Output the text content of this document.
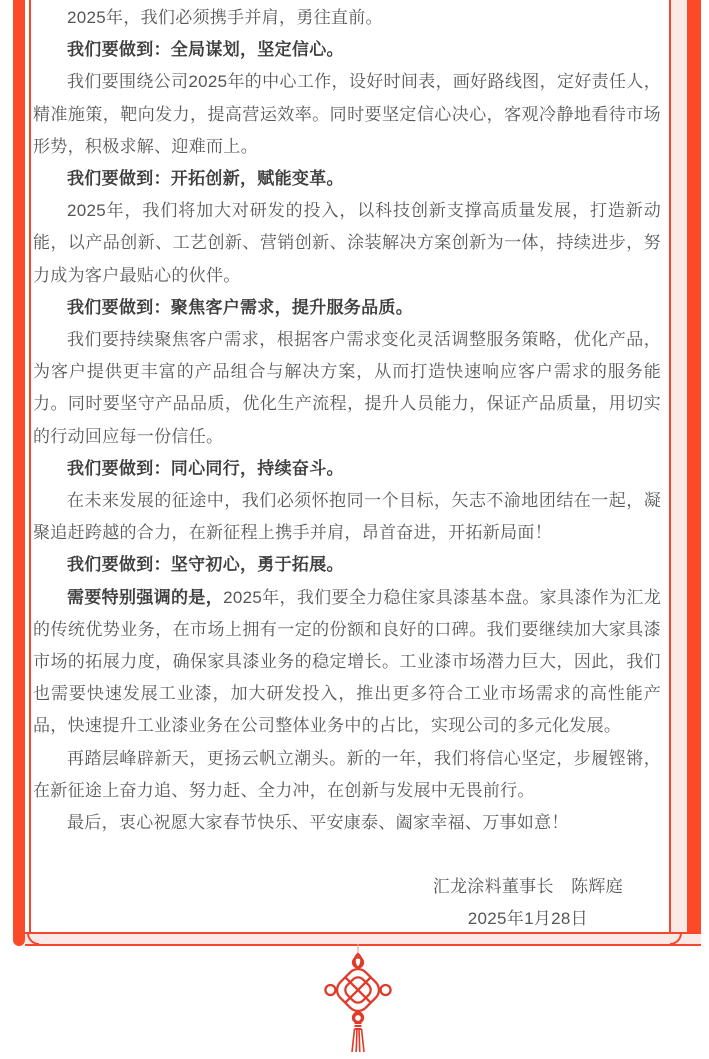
2025年，我们必须携手并肩，勇往直前。

我们要做到：全局谋划，坚定信心。

我们要围绕公司2025年的中心工作，设好时间表，画好路线图，定好责任人，精准施策，靶向发力，提高营运效率。同时要坚定信心决心，客观冷静地看待市场形势，积极求解、迎难而上。

我们要做到：开拓创新，赋能变革。

2025年，我们将加大对研发的投入，以科技创新支撑高质量发展，打造新动能，以产品创新、工艺创新、营销创新、涂装解决方案创新为一体，持续进步，努力成为客户最贴心的伙伴。

我们要做到：聚焦客户需求，提升服务品质。

我们要持续聚焦客户需求，根据客户需求变化灵活调整服务策略，优化产品，为客户提供更丰富的产品组合与解决方案，从而打造快速响应客户需求的服务能力。同时要坚守产品品质，优化生产流程，提升人员能力，保证产品质量，用切实的行动回应每一份信任。

我们要做到：同心同行，持续奋斗。

在未来发展的征途中，我们必须怀抱同一个目标，矢志不渝地团结在一起，凝聚追赶跨越的合力，在新征程上携手并肩，昂首奋进，开拓新局面！

我们要做到：坚守初心，勇于拓展。

需要特别强调的是，2025年，我们要全力稳住家具漆基本盘。家具漆作为汇龙的传统优势业务，在市场上拥有一定的份额和良好的口碑。我们要继续加大家具漆市场的拓展力度，确保家具漆业务的稳定增长。工业漆市场潜力巨大，因此，我们也需要快速发展工业漆，加大研发投入，推出更多符合工业市场需求的高性能产品，快速提升工业漆业务在公司整体业务中的占比，实现公司的多元化发展。

再踏层峰辟新天，更扬云帆立潮头。新的一年，我们将信心坚定，步履铿锵，在新征途上奋力追、努力赶、全力冲，在创新与发展中无畏前行。

最后，衷心祝愿大家春节快乐、平安康泰、阖家幸福、万事如意！

汇龙涂料董事长　陈辉庭

2025年1月28日
